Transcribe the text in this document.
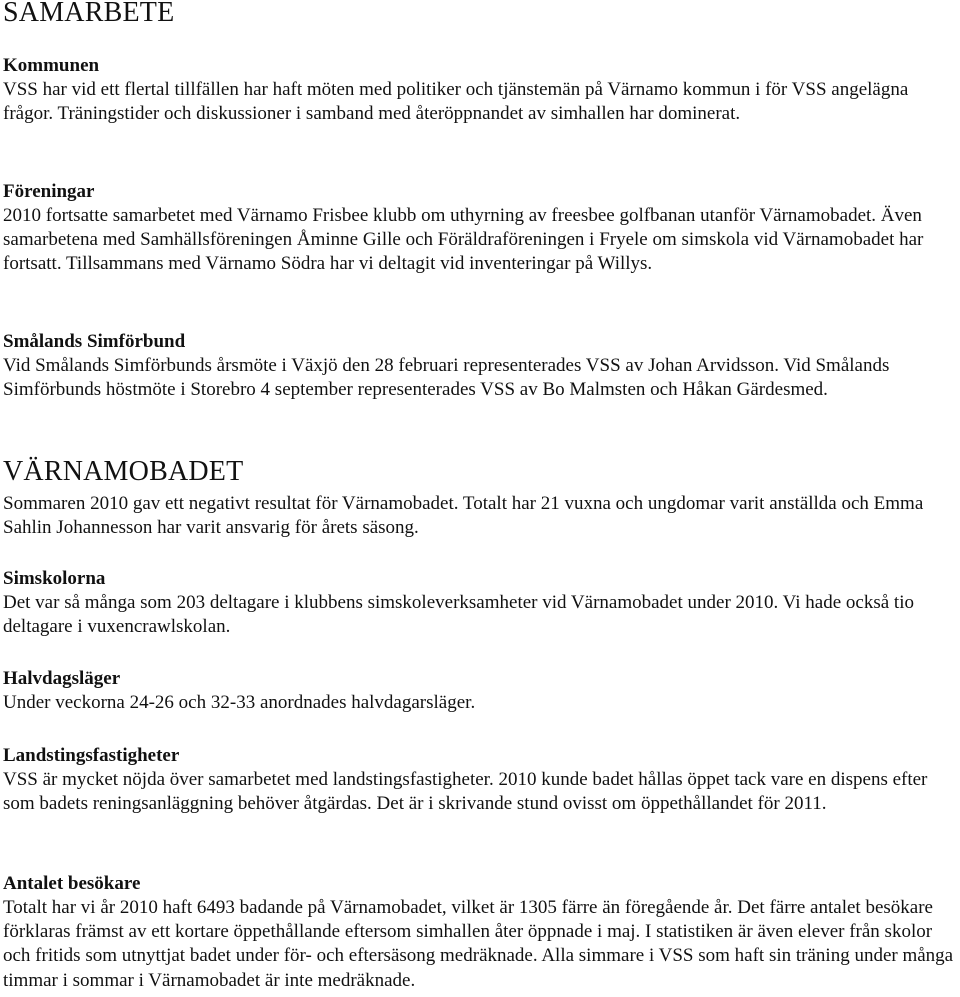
SAMARBETE
Kommunen

VSS har vid ett flertal tillfällen har haft möten med politiker och tjänstemän på Värnamo kommun i för VSS angelägna frågor. Träningstider och diskussioner i samband med återöppnandet av simhallen har dominerat.

Föreningar

2010 fortsatte samarbetet med Värnamo Frisbee klubb om uthyrning av freesbee golfbanan utanför Värnamobadet. Även samarbetena med Samhällsföreningen Åminne Gille och Föräldraföreningen i Fryele om simskola vid Värnamobadet har fortsatt. Tillsammans med Värnamo Södra har vi deltagit vid inventeringar på Willys.

Smålands Simförbund

Vid Smålands Simförbunds årsmöte i Växjö den 28 februari representerades VSS av Johan Arvidsson. Vid Smålands Simförbunds höstmöte i Storebro 4 september representerades VSS av Bo Malmsten och Håkan Gärdesmed.

VÄRNAMOBADET

Sommaren 2010 gav ett negativt resultat för Värnamobadet. Totalt har 21 vuxna och ungdomar varit anställda och Emma Sahlin Johannesson har varit ansvarig för årets säsong.

Simskolorna

Det var så många som 203 deltagare i klubbens simskoleverksamheter vid Värnamobadet under 2010. Vi hade också tio deltagare i vuxencrawlskolan.

Halvdagsläger

Under veckorna 24-26 och 32-33 anordnades halvdagarsläger.

Landstingsfastigheter

VSS är mycket nöjda över samarbetet med landstingsfastigheter. 2010 kunde badet hållas öppet tack vare en dispens efter som badets reningsanläggning behöver åtgärdas. Det är i skrivande stund ovisst om öppethållandet för 2011.

Antalet besökare

Totalt har vi år 2010 haft 6493 badande på Värnamobadet, vilket är 1305 färre än föregående år. Det färre antalet besökare förklaras främst av ett kortare öppethållande eftersom simhallen åter öppnade i maj. I statistiken är även elever från skolor och fritids som utnyttjat badet under för- och eftersäsong medräknade. Alla simmare i VSS som haft sin träning under många timmar i sommar i Värnamobadet är inte medräknade.
